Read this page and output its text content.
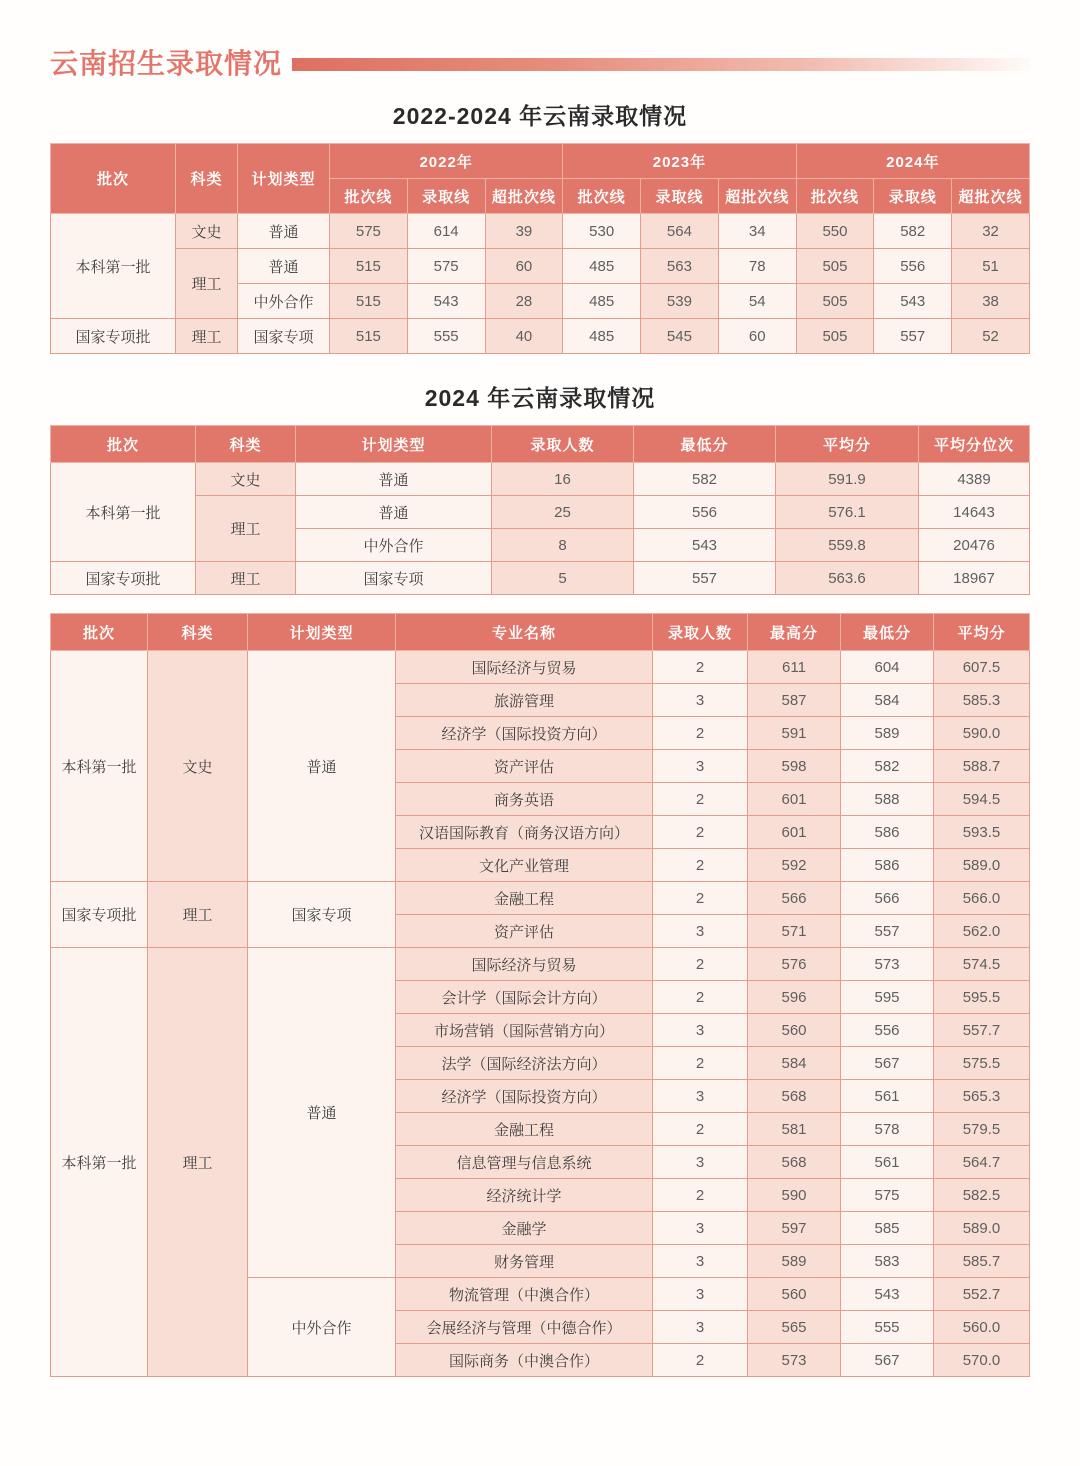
云南招生录取情况
2022-2024 年云南录取情况
批次	科类	计划类型	2022年			2023年			2024年		
			批次线	录取线	超批次线	批次线	录取线	超批次线	批次线	录取线	超批次线
本科第一批	文史	普通	575	614	39	530	564	34	550	582	32
	理工	普通	515	575	60	485	563	78	505	556	51
		中外合作	515	543	28	485	539	54	505	543	38
国家专项批	理工	国家专项	515	555	40	485	545	60	505	557	52
2024 年云南录取情况
批次	科类	计划类型	录取人数	最低分	平均分	平均分位次
本科第一批	文史	普通	16	582	591.9	4389
	理工	普通	25	556	576.1	14643
		中外合作	8	543	559.8	20476
国家专项批	理工	国家专项	5	557	563.6	18967
批次	科类	计划类型	专业名称	录取人数	最高分	最低分	平均分
本科第一批	文史	普通	国际经济与贸易	2	611	604	607.5
			旅游管理	3	587	584	585.3
			经济学（国际投资方向）	2	591	589	590.0
			资产评估	3	598	582	588.7
			商务英语	2	601	588	594.5
			汉语国际教育（商务汉语方向）	2	601	586	593.5
			文化产业管理	2	592	586	589.0
国家专项批	理工	国家专项	金融工程	2	566	566	566.0
			资产评估	3	571	557	562.0
本科第一批	理工	普通	国际经济与贸易	2	576	573	574.5
			会计学（国际会计方向）	2	596	595	595.5
			市场营销（国际营销方向）	3	560	556	557.7
			法学（国际经济法方向）	2	584	567	575.5
			经济学（国际投资方向）	3	568	561	565.3
			金融工程	2	581	578	579.5
			信息管理与信息系统	3	568	561	564.7
			经济统计学	2	590	575	582.5
			金融学	3	597	585	589.0
			财务管理	3	589	583	585.7
		中外合作	物流管理（中澳合作）	3	560	543	552.7
			会展经济与管理（中德合作）	3	565	555	560.0
			国际商务（中澳合作）	2	573	567	570.0
